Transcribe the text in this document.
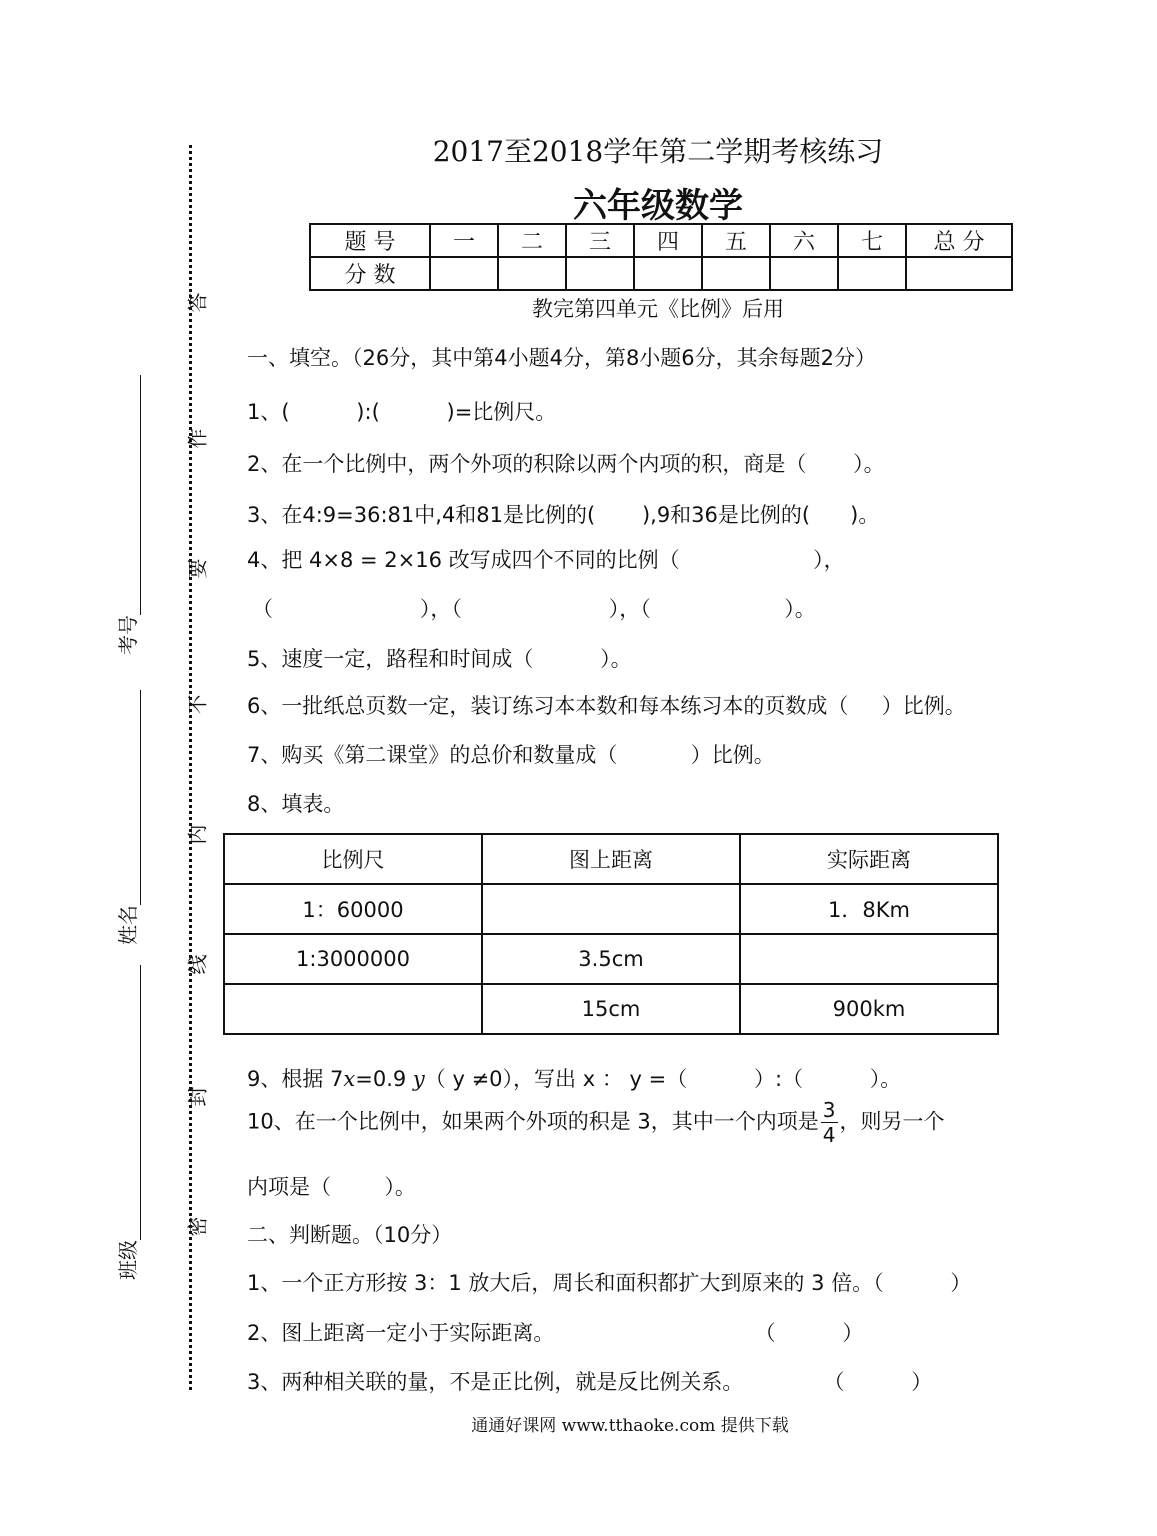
答
作
要
不
内
线
封
密
考号
姓名
班级
2017至2018学年第二学期考核练习
六年级数学
题 号	一	二	三	四	五	六	七	总 分
分 数								
教完第四单元《比例》后用
一、填空。（26分，其中第4小题4分，第8小题6分，其余每题2分）
1、(          ):(          )=比例尺。
2、在一个比例中，两个外项的积除以两个内项的积，商是（       ）。
3、在4:9=36:81中,4和81是比例的(       ),9和36是比例的(      )。
4、把 4×8 = 2×16 改写成四个不同的比例（                    ），
（                      ），（                      ），（                    ）。
5、速度一定，路程和时间成（          ）。
6、一批纸总页数一定，装订练习本本数和每本练习本的页数成（     ）比例。
7、购买《第二课堂》的总价和数量成（           ）比例。
8、填表。
比例尺	图上距离	实际距离
1：60000		1．8Km
1:3000000	3.5cm	
	15cm	900km
9、根据 7x=0.9 y（ y ≠0），写出 x ： y =（          ）:（          ）。
10、在一个比例中，如果两个外项的积是 3，其中一个内项是 $\frac{3}{4}$ ，则另一个
内项是（        ）。
二、判断题。（10分）
1、一个正方形按 3：1 放大后，周长和面积都扩大到原来的 3 倍。（          ）
2、图上距离一定小于实际距离。                              （          ）
3、两种相关联的量，不是正比例，就是反比例关系。            （          ）
通通好课网 www.tthaoke.com 提供下载
